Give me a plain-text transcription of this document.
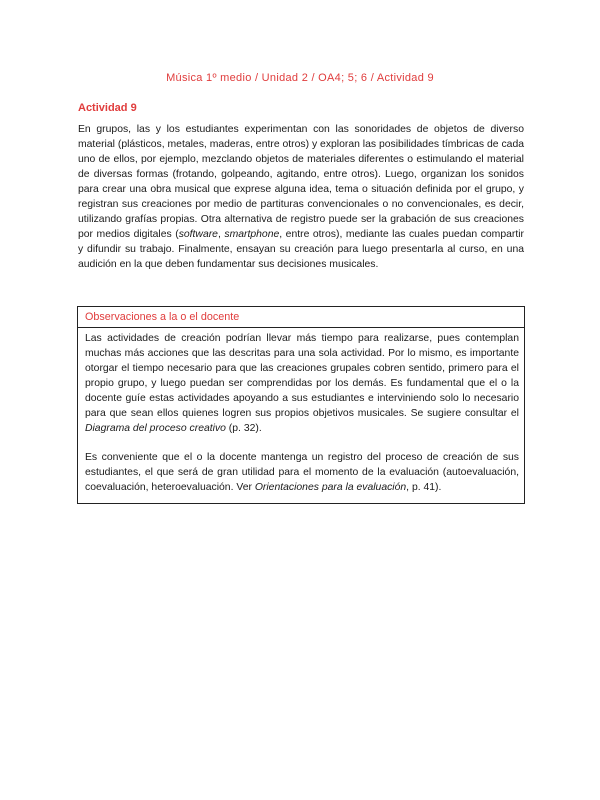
Música 1º medio / Unidad 2 / OA4; 5; 6 / Actividad 9
Actividad 9

En grupos, las y los estudiantes experimentan con las sonoridades de objetos de diverso material (plásticos, metales, maderas, entre otros) y exploran las posibilidades tímbricas de cada uno de ellos, por ejemplo, mezclando objetos de materiales diferentes o estimulando el material de diversas formas (frotando, golpeando, agitando, entre otros). Luego, organizan los sonidos para crear una obra musical que exprese alguna idea, tema o situación definida por el grupo, y registran sus creaciones por medio de partituras convencionales o no convencionales, es decir, utilizando grafías propias. Otra alternativa de registro puede ser la grabación de sus creaciones por medios digitales (software, smartphone, entre otros), mediante las cuales puedan compartir y difundir su trabajo. Finalmente, ensayan su creación para luego presentarla al curso, en una audición en la que deben fundamentar sus decisiones musicales.

Observaciones a la o el docente

Las actividades de creación podrían llevar más tiempo para realizarse, pues contemplan muchas más acciones que las descritas para una sola actividad. Por lo mismo, es importante otorgar el tiempo necesario para que las creaciones grupales cobren sentido, primero para el propio grupo, y luego puedan ser comprendidas por los demás. Es fundamental que el o la docente guíe estas actividades apoyando a sus estudiantes e interviniendo solo lo necesario para que sean ellos quienes logren sus propios objetivos musicales. Se sugiere consultar el Diagrama del proceso creativo (p. 32).

Es conveniente que el o la docente mantenga un registro del proceso de creación de sus estudiantes, el que será de gran utilidad para el momento de la evaluación (autoevaluación, coevaluación, heteroevaluación. Ver Orientaciones para la evaluación, p. 41).
